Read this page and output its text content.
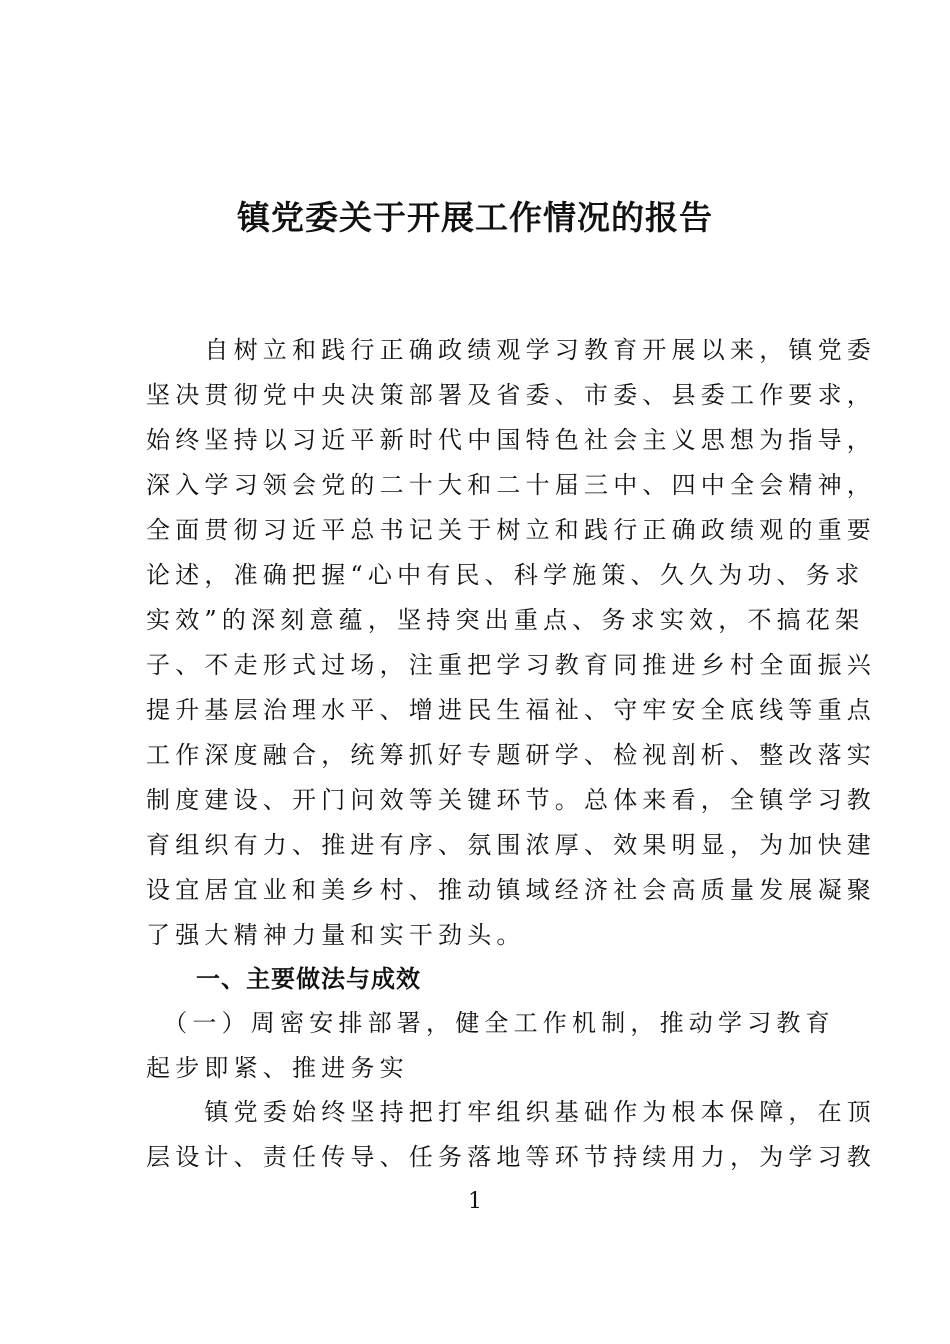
镇党委关于开展工作情况的报告
　　自树立和践行正确政绩观学习教育开展以来，镇党委
坚决贯彻党中央决策部署及省委、市委、县委工作要求，
始终坚持以习近平新时代中国特色社会主义思想为指导，
深入学习领会党的二十大和二十届三中、四中全会精神，
全面贯彻习近平总书记关于树立和践行正确政绩观的重要
论述，准确把握“心中有民、科学施策、久久为功、务求
实效”的深刻意蕴，坚持突出重点、务求实效，不搞花架
子、不走形式过场，注重把学习教育同推进乡村全面振兴
提升基层治理水平、增进民生福祉、守牢安全底线等重点
工作深度融合，统筹抓好专题研学、检视剖析、整改落实
制度建设、开门问效等关键环节。总体来看，全镇学习教
育组织有力、推进有序、氛围浓厚、效果明显，为加快建
设宜居宜业和美乡村、推动镇域经济社会高质量发展凝聚
了强大精神力量和实干劲头。
一、主要做法与成效
　（一）周密安排部署，健全工作机制，推动学习教育
起步即紧、推进务实
　　镇党委始终坚持把打牢组织基础作为根本保障，在顶
层设计、责任传导、任务落地等环节持续用力，为学习教
1
